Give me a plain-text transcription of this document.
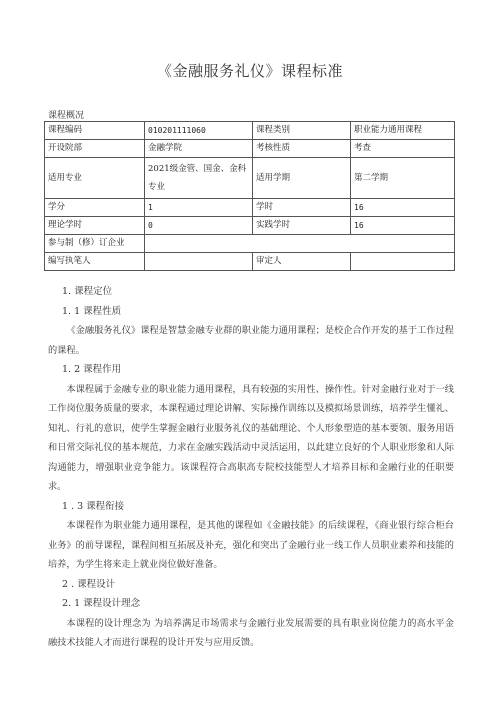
《金融服务礼仪》课程标准
课程概况
课程编码	010201111060	课程类别	职业能力通用课程
开设院部	金融学院	考核性质	考查
适用专业	2021级金管、国金、金科专业	适用学期	第二学期
学分	1	学时	16
理论学时	0	实践学时	16
参与制（修）订企业			
编写执笔人		审定人	
1. 课程定位
1. 1 课程性质

《金融服务礼仪》课程是智慧金融专业群的职业能力通用课程；是校企合作开发的基于工作过程的课程。

1. 2 课程作用

本课程属于金融专业的职业能力通用课程，具有较强的实用性、操作性。针对金融行业对于一线工作岗位服务质量的要求，本课程通过理论讲解、实际操作训练以及模拟场景训练，培养学生懂礼、知礼、行礼的意识，使学生掌握金融行业服务礼仪的基础理论、个人形象塑造的基本要领、服务用语和日常交际礼仪的基本规范，力求在金融实践活动中灵活运用，以此建立良好的个人职业形象和人际沟通能力，增强职业竞争能力。该课程符合高职高专院校技能型人才培养目标和金融行业的任职要求。

1 . 3 课程衔接

本课程作为职业能力通用课程，是其他的课程如《金融技能》的后续课程，《商业银行综合柜台业务》的前导课程，课程间相互拓展及补充，强化和突出了金融行业一线工作人员职业素养和技能的培养，为学生将来走上就业岗位做好准备。

2 . 课程设计
2. 1 课程设计理念

本课程的设计理念为 为培养满足市场需求与金融行业发展需要的具有职业岗位能力的高水平金融技术技能人才而进行课程的设计开发与应用反馈。
